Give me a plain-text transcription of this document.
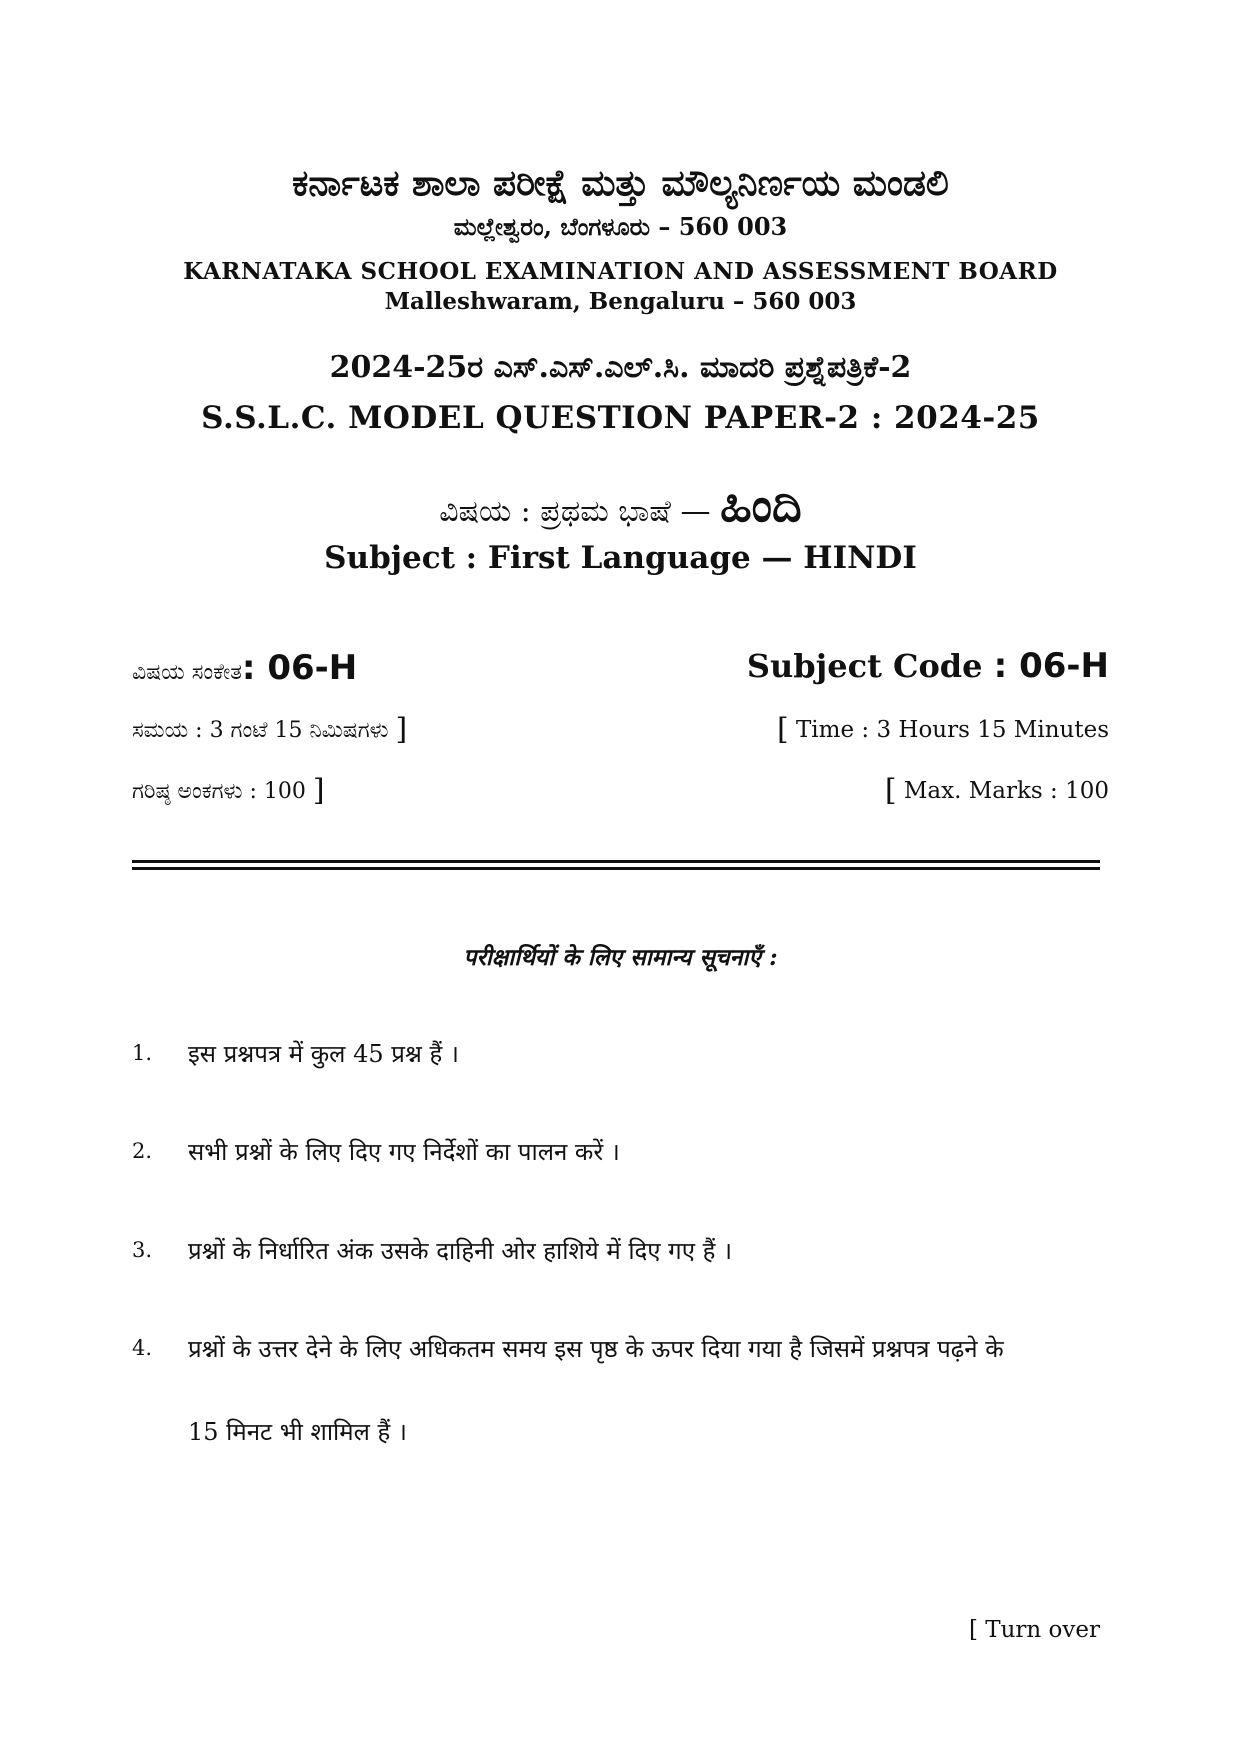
ಕರ್ನಾಟಕ ಶಾಲಾ ಪರೀಕ್ಷೆ ಮತ್ತು ಮೌಲ್ಯನಿರ್ಣಯ ಮಂಡಲಿ
ಮಲ್ಲೇಶ್ವರಂ, ಬೆಂಗಳೂರು – 560 003
KARNATAKA SCHOOL EXAMINATION AND ASSESSMENT BOARD
Malleshwaram, Bengaluru – 560 003
2024-25ರ ಎಸ್.ಎಸ್.ಎಲ್.ಸಿ. ಮಾದರಿ ಪ್ರಶ್ನೆಪತ್ರಿಕೆ-2
S.S.L.C. MODEL QUESTION PAPER-2 : 2024-25
ವಿಷಯ : ಪ್ರಥಮ ಭಾಷೆ — ಹಿಂದಿ
Subject : First Language — HINDI
ವಿಷಯ ಸಂಕೇತ: 06-H	Subject Code : 06-H
ಸಮಯ : 3 ಗಂಟೆ 15 ನಿಮಿಷಗಳು ]	[ Time : 3 Hours 15 Minutes
ಗರಿಷ್ಠ ಅಂಕಗಳು : 100 ]	[ Max. Marks : 100
परीक्षार्थियों के लिए सामान्य सूचनाएँ :
1. इस प्रश्नपत्र में कुल 45 प्रश्न हैं ।
2. सभी प्रश्नों के लिए दिए गए निर्देशों का पालन करें ।
3. प्रश्नों के निर्धारित अंक उसके दाहिनी ओर हाशिये में दिए गए हैं ।
4. प्रश्नों के उत्तर देने के लिए अधिकतम समय इस पृष्ठ के ऊपर दिया गया है जिसमें प्रश्नपत्र पढ़ने के
15 मिनट भी शामिल हैं ।
[ Turn over
